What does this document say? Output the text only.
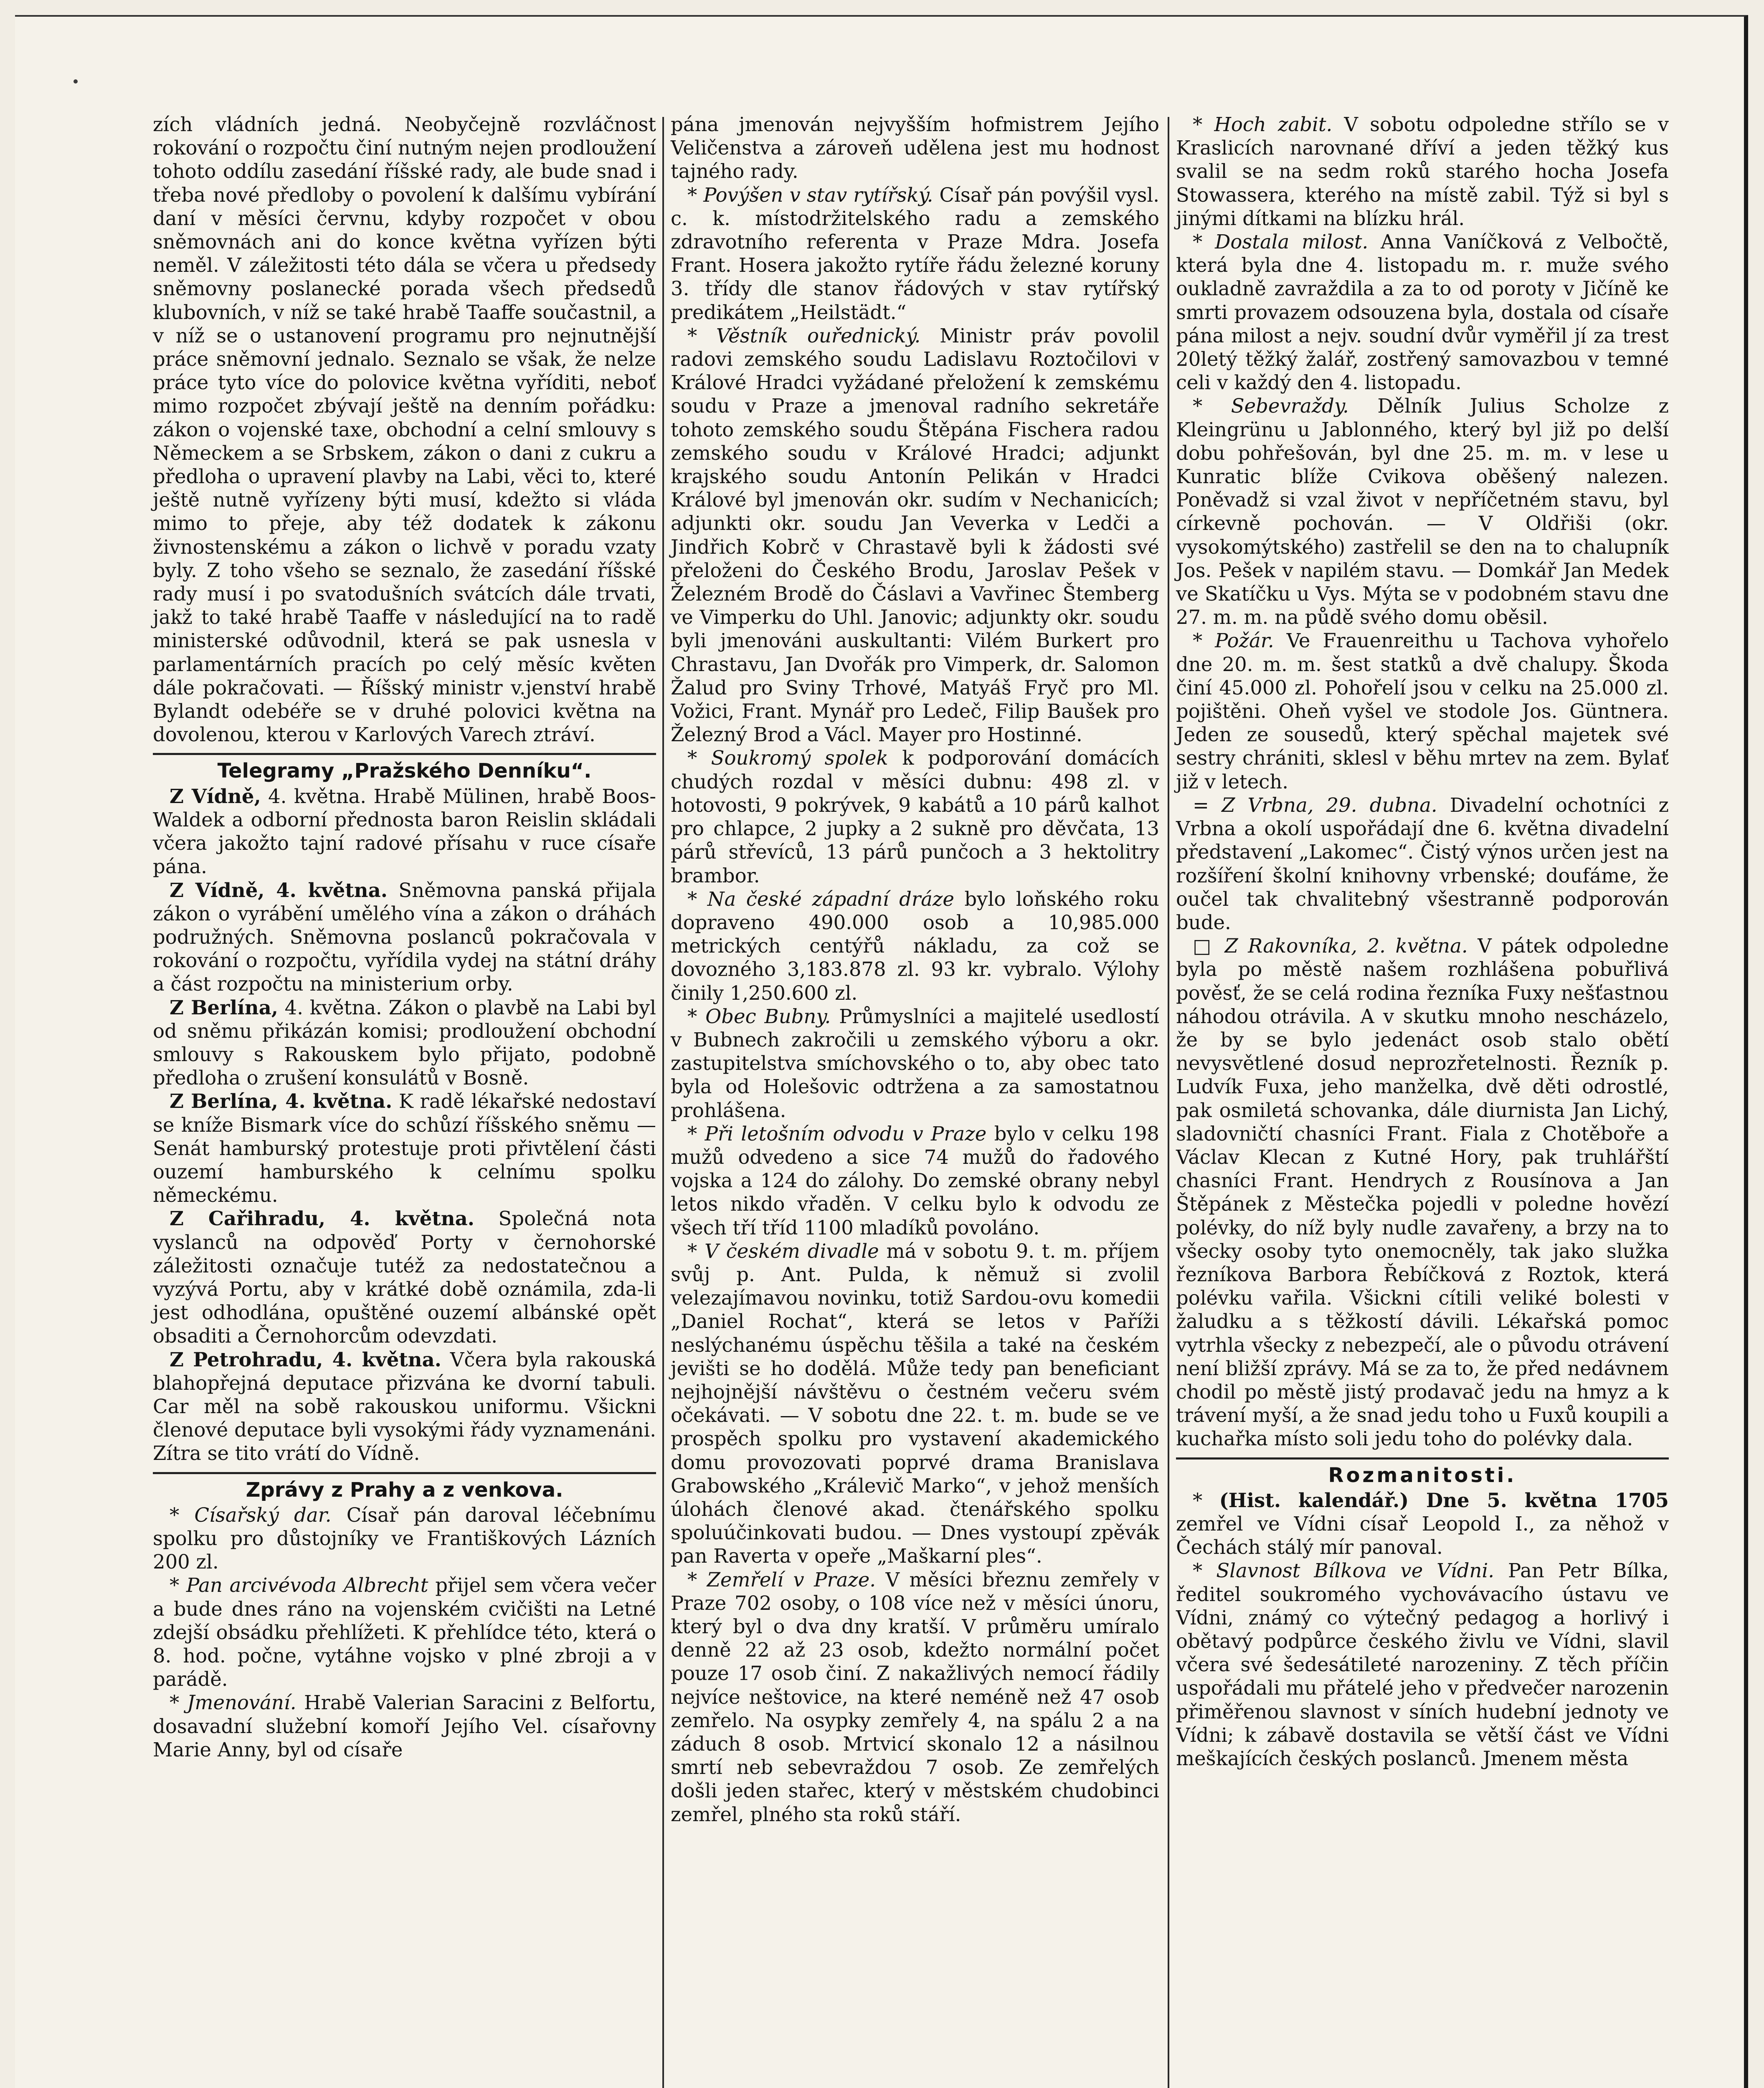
zích vládních jedná. Neobyčejně rozvláčnost rokování o rozpočtu činí nutným nejen prodloužení tohoto oddílu zasedání říšské rady, ale bude snad i třeba nové předloby o povolení k dalšímu vybírání daní v měsíci červnu, kdyby rozpočet v obou sněmovnách ani do konce května vyřízen býti neměl. V záležitosti této dála se včera u předsedy sněmovny poslanecké porada všech předsedů klubovních, v níž se také hrabě Taaffe součastnil, a v níž se o ustanovení programu pro nejnutnější práce sněmovní jednalo. Seznalo se však, že nelze práce tyto více do polovice května vyříditi, neboť mimo rozpočet zbývají ještě na denním pořádku: zákon o vojenské taxe, obchodní a celní smlouvy s Německem a se Srbskem, zákon o dani z cukru a předloha o upravení plavby na Labi, věci to, které ještě nutně vyřízeny býti musí, kdežto si vláda mimo to přeje, aby též dodatek k zákonu živnostenskému a zákon o lichvě v poradu vzaty byly. Z toho všeho se seznalo, že zasedání říšské rady musí i po svatodušních svátcích dále trvati, jakž to také hrabě Taaffe v následující na to radě ministerské odůvodnil, která se pak usnesla v parlamentárních pracích po celý měsíc květen dále pokračovati. — Říšský ministr v.jenství hrabě Bylandt odebéře se v druhé polovici května na dovolenou, kterou v Karlových Varech ztráví.

Telegramy „Pražského Denníku“.

Z Vídně, 4. května. Hrabě Mülinen, hrabě Boos-Waldek a odborní přednosta baron Reislin skládali včera jakožto tajní radové přísahu v ruce císaře pána.

Z Vídně, 4. května. Sněmovna panská přijala zákon o vyrábění umělého vína a zákon o dráhách podružných. Sněmovna poslanců pokračovala v rokování o rozpočtu, vyřídila vydej na státní dráhy a část rozpočtu na ministerium orby.

Z Berlína, 4. května. Zákon o plavbě na Labi byl od sněmu přikázán komisi; prodloužení obchodní smlouvy s Rakouskem bylo přijato, podobně předloha o zrušení konsulátů v Bosně.

Z Berlína, 4. května. K radě lékařské nedostaví se kníže Bismark více do schůzí říšského sněmu — Senát hamburský protestuje proti přivtělení části ouzemí hamburského k celnímu spolku německému.

Z Cařihradu, 4. května. Společná nota vyslanců na odpověď Porty v černohorské záležitosti označuje tutéž za nedostatečnou a vyzývá Portu, aby v krátké době oznámila, zda-li jest odhodlána, opuštěné ouzemí albánské opět obsaditi a Černohorcům odevzdati.

Z Petrohradu, 4. května. Včera byla rakouská blahopřejná deputace přizvána ke dvorní tabuli. Car měl na sobě rakouskou uniformu. Všickni členové deputace byli vysokými řády vyznamenáni. Zítra se tito vrátí do Vídně.

Zprávy z Prahy a z venkova.

* Císařský dar. Císař pán daroval léčebnímu spolku pro důstojníky ve Františkových Lázních 200 zl.

* Pan arcivévoda Albrecht přijel sem včera večer a bude dnes ráno na vojenském cvičišti na Letné zdejší obsádku přehlížeti. K přehlídce této, která o 8. hod. počne, vytáhne vojsko v plné zbroji a v parádě.

* Jmenování. Hrabě Valerian Saracini z Belfortu, dosavadní služební komoří Jejího Vel. císařovny Marie Anny, byl od císaře

pána jmenován nejvyšším hofmistrem Jejího Veličenstva a zároveň udělena jest mu hodnost tajného rady.

* Povýšen v stav rytířský. Císař pán povýšil vysl. c. k. místodržitelského radu a zemského zdravotního referenta v Praze Mdra. Josefa Frant. Hosera jakožto rytíře řádu železné koruny 3. třídy dle stanov řádových v stav rytířský predikátem „Heilstädt.“

* Věstník ouřednický. Ministr práv povolil radovi zemského soudu Ladislavu Roztočilovi v Králové Hradci vyžádané přeložení k zemskému soudu v Praze a jmenoval radního sekretáře tohoto zemského soudu Štěpána Fischera radou zemského soudu v Králové Hradci; adjunkt krajského soudu Antonín Pelikán v Hradci Králové byl jmenován okr. sudím v Nechanicích; adjunkti okr. soudu Jan Veverka v Ledči a Jindřich Kobrč v Chrastavě byli k žádosti své přeloženi do Českého Brodu, Jaroslav Pešek v Železném Brodě do Čáslavi a Vavřinec Štemberg ve Vimperku do Uhl. Janovic; adjunkty okr. soudu byli jmenováni auskultanti: Vilém Burkert pro Chrastavu, Jan Dvořák pro Vimperk, dr. Salomon Žalud pro Sviny Trhové, Matyáš Fryč pro Ml. Vožici, Frant. Mynář pro Ledeč, Filip Baušek pro Železný Brod a Václ. Mayer pro Hostinné.

* Soukromý spolek k podporování domácích chudých rozdal v měsíci dubnu: 498 zl. v hotovosti, 9 pokrývek, 9 kabátů a 10 párů kalhot pro chlapce, 2 jupky a 2 sukně pro děvčata, 13 párů střevíců, 13 párů punčoch a 3 hektolitry brambor.

* Na české západní dráze bylo loňského roku dopraveno 490.000 osob a 10,985.000 metrických centýřů nákladu, za což se dovozného 3,183.878 zl. 93 kr. vybralo. Výlohy činily 1,250.600 zl.

* Obec Bubny. Průmyslníci a majitelé usedlostí v Bubnech zakročili u zemského výboru a okr. zastupitelstva smíchovského o to, aby obec tato byla od Holešovic odtržena a za samostatnou prohlášena.

* Při letošním odvodu v Praze bylo v celku 198 mužů odvedeno a sice 74 mužů do řadového vojska a 124 do zálohy. Do zemské obrany nebyl letos nikdo vřaděn. V celku bylo k odvodu ze všech tří tříd 1100 mladíků povoláno.

* V českém divadle má v sobotu 9. t. m. příjem svůj p. Ant. Pulda, k němuž si zvolil velezajímavou novinku, totiž Sardou-ovu komedii „Daniel Rochat“, která se letos v Paříži neslýchanému úspěchu těšila a také na českém jevišti se ho dodělá. Může tedy pan beneficiant nejhojnější návštěvu o čestném večeru svém očekávati. — V sobotu dne 22. t. m. bude se ve prospěch spolku pro vystavení akademického domu provozovati poprvé drama Branislava Grabowského „Králevič Marko“, v jehož menších úlohách členové akad. čtenářského spolku spoluúčinkovati budou. — Dnes vystoupí zpěvák pan Raverta v opeře „Maškarní ples“.

* Zemřelí v Praze. V měsíci březnu zemřely v Praze 702 osoby, o 108 více než v měsíci únoru, který byl o dva dny kratší. V průměru umíralo denně 22 až 23 osob, kdežto normální počet pouze 17 osob činí. Z nakažlivých nemocí řádily nejvíce neštovice, na které neméně než 47 osob zemřelo. Na osypky zemřely 4, na spálu 2 a na záduch 8 osob. Mrtvicí skonalo 12 a násilnou smrtí neb sebevraždou 7 osob. Ze zemřelých došli jeden stařec, který v městském chudobinci zemřel, plného sta roků stáří.

* Hoch zabit. V sobotu odpoledne střílo se v Kraslicích narovnané dříví a jeden těžký kus svalil se na sedm roků starého hocha Josefa Stowassera, kterého na místě zabil. Týž si byl s jinými dítkami na blízku hrál.

* Dostala milost. Anna Vaníčková z Velbočtě, která byla dne 4. listopadu m. r. muže svého oukladně zavraždila a za to od poroty v Jičíně ke smrti provazem odsouzena byla, dostala od císaře pána milost a nejv. soudní dvůr vyměřil jí za trest 20letý těžký žalář, zostřený samovazbou v temné celi v každý den 4. listopadu.

* Sebevraždy. Dělník Julius Scholze z Kleingrünu u Jablonného, který byl již po delší dobu pohřešován, byl dne 25. m. m. v lese u Kunratic blíže Cvikova oběšený nalezen. Poněvadž si vzal život v nepříčetném stavu, byl církevně pochován. — V Oldřiši (okr. vysokomýtského) zastřelil se den na to chalupník Jos. Pešek v napilém stavu. — Domkář Jan Medek ve Skatíčku u Vys. Mýta se v podobném stavu dne 27. m. m. na půdě svého domu oběsil.

* Požár. Ve Frauenreithu u Tachova vyhořelo dne 20. m. m. šest statků a dvě chalupy. Škoda činí 45.000 zl. Pohořelí jsou v celku na 25.000 zl. pojištěni. Oheň vyšel ve stodole Jos. Güntnera. Jeden ze sousedů, který spěchal majetek své sestry chrániti, sklesl v běhu mrtev na zem. Bylať již v letech.

= Z Vrbna, 29. dubna. Divadelní ochotníci z Vrbna a okolí uspořádají dne 6. května divadelní představení „Lakomec“. Čistý výnos určen jest na rozšíření školní knihovny vrbenské; doufáme, že oučel tak chvalitebný všestranně podporován bude.

□ Z Rakovníka, 2. května. V pátek odpoledne byla po městě našem rozhlášena pobuřlivá pověsť, že se celá rodina řezníka Fuxy nešťastnou náhodou otrávila. A v skutku mnoho nescházelo, že by se bylo jedenáct osob stalo obětí nevysvětlené dosud neprozřetelnosti. Řezník p. Ludvík Fuxa, jeho manželka, dvě děti odrostlé, pak osmiletá schovanka, dále diurnista Jan Lichý, sladovničtí chasníci Frant. Fiala z Chotěboře a Václav Klecan z Kutné Hory, pak truhlářští chasníci Frant. Hendrych z Rousínova a Jan Štěpánek z Městečka pojedli v poledne hovězí polévky, do níž byly nudle zavařeny, a brzy na to všecky osoby tyto onemocněly, tak jako služka řezníkova Barbora Řebíčková z Roztok, která polévku vařila. Všickni cítili veliké bolesti v žaludku a s těžkostí dávili. Lékařská pomoc vytrhla všecky z nebezpečí, ale o původu otrávení není bližší zprávy. Má se za to, že před nedávnem chodil po městě jistý prodavač jedu na hmyz a k trávení myší, a že snad jedu toho u Fuxů koupili a kuchařka místo soli jedu toho do polévky dala.

Rozmanitosti.

* (Hist. kalendář.) Dne 5. května 1705 zemřel ve Vídni císař Leopold I., za něhož v Čechách stálý mír panoval.

* Slavnost Bílkova ve Vídni. Pan Petr Bílka, ředitel soukromého vychovávacího ústavu ve Vídni, známý co výtečný pedagog a horlivý i obětavý podpůrce českého živlu ve Vídni, slavil včera své šedesátileté narozeniny. Z těch příčin uspořádali mu přátelé jeho v předvečer narozenin přiměřenou slavnost v síních hudební jednoty ve Vídni; k zábavě dostavila se větší část ve Vídni meškajících českých poslanců. Jmenem města
